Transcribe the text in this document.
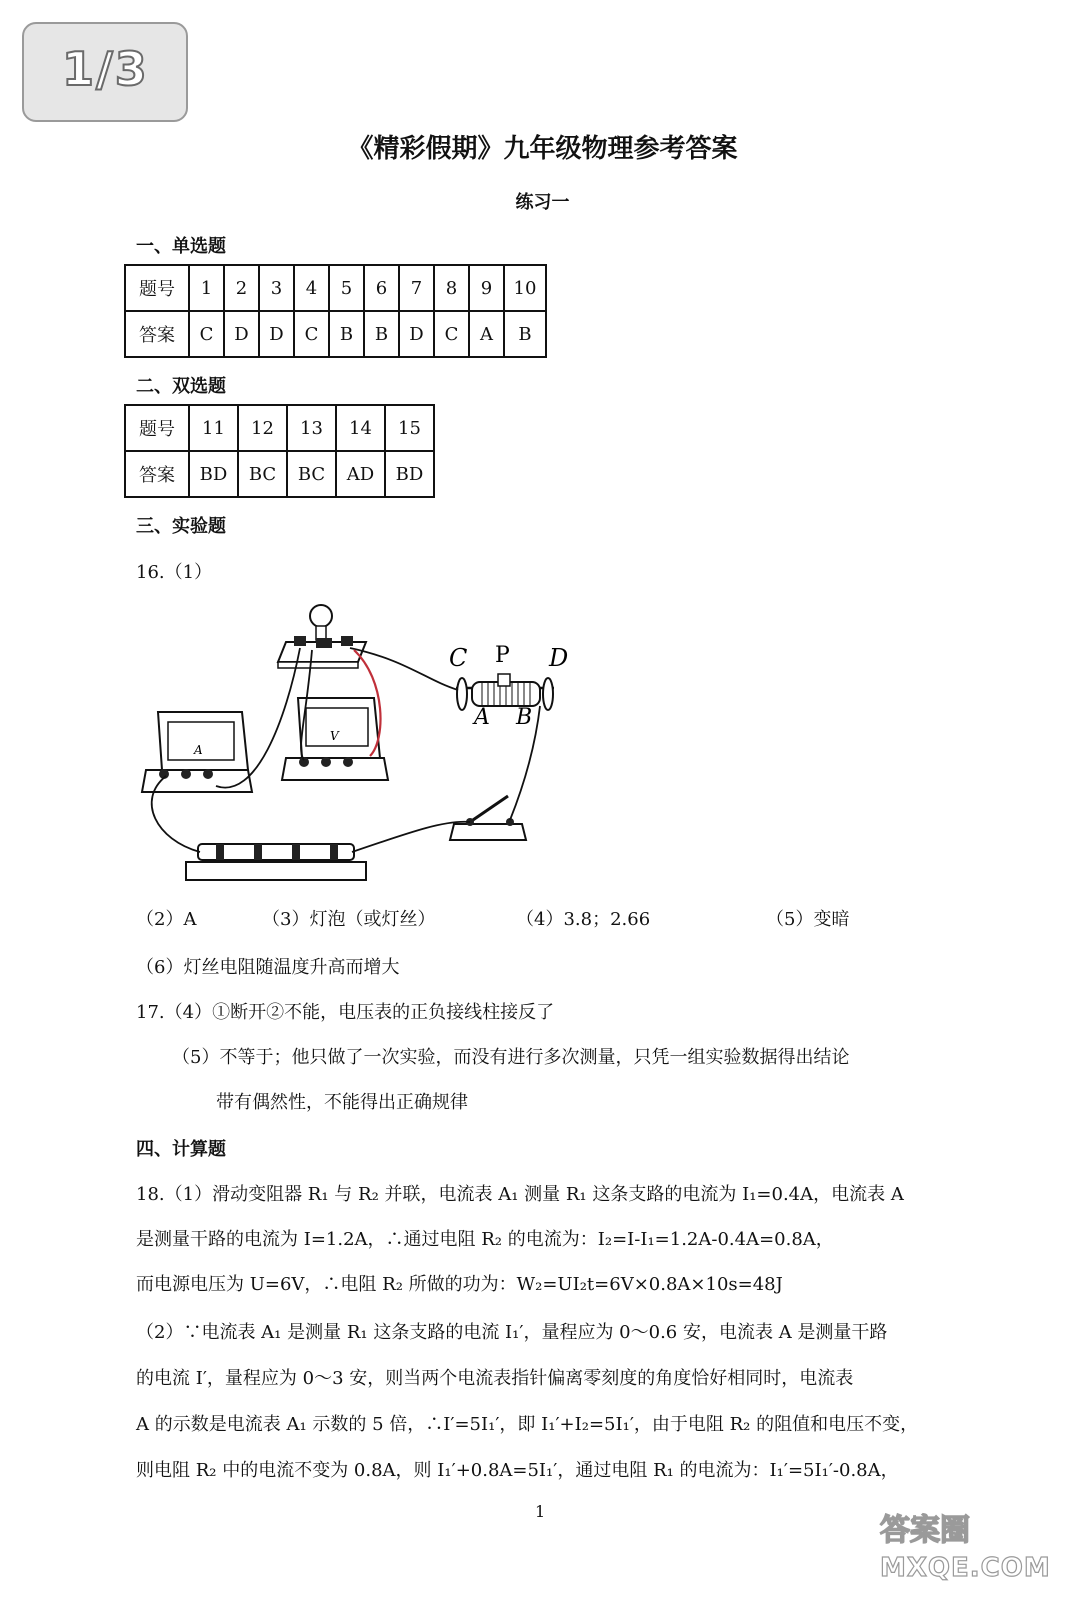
1/3
《精彩假期》九年级物理参考答案
练习一
一、单选题
题号	1	2	3	4	5	6	7	8	9	10
答案	C	D	D	C	B	B	D	C	A	B
二、双选题
题号	11	12	13	14	15
答案	BD	BC	BC	AD	BD
三、实验题
16.（1）
C P D
A B
A
V
（2）A	（3）灯泡（或灯丝）	（4）3.8；2.66	（5）变暗
（6）灯丝电阻随温度升高而增大
17.（4）①断开②不能，电压表的正负接线柱接反了
（5）不等于；他只做了一次实验，而没有进行多次测量，只凭一组实验数据得出结论
带有偶然性，不能得出正确规律
四、计算题
18.（1）滑动变阻器 R₁ 与 R₂ 并联，电流表 A₁ 测量 R₁ 这条支路的电流为 I₁=0.4A，电流表 A
是测量干路的电流为 I=1.2A，∴通过电阻 R₂ 的电流为：I₂=I-I₁=1.2A-0.4A=0.8A，
而电源电压为 U=6V，∴电阻 R₂ 所做的功为：W₂=UI₂t=6V×0.8A×10s=48J
（2）∵电流表 A₁ 是测量 R₁ 这条支路的电流 I₁′，量程应为 0～0.6 安，电流表 A 是测量干路
的电流 I′，量程应为 0～3 安，则当两个电流表指针偏离零刻度的角度恰好相同时，电流表
A 的示数是电流表 A₁ 示数的 5 倍，∴I′=5I₁′，即 I₁′+I₂=5I₁′，由于电阻 R₂ 的阻值和电压不变，
则电阻 R₂ 中的电流不变为 0.8A，则 I₁′+0.8A=5I₁′，通过电阻 R₁ 的电流为：I₁′=5I₁′-0.8A，
1
答案圈
MXQE.COM
